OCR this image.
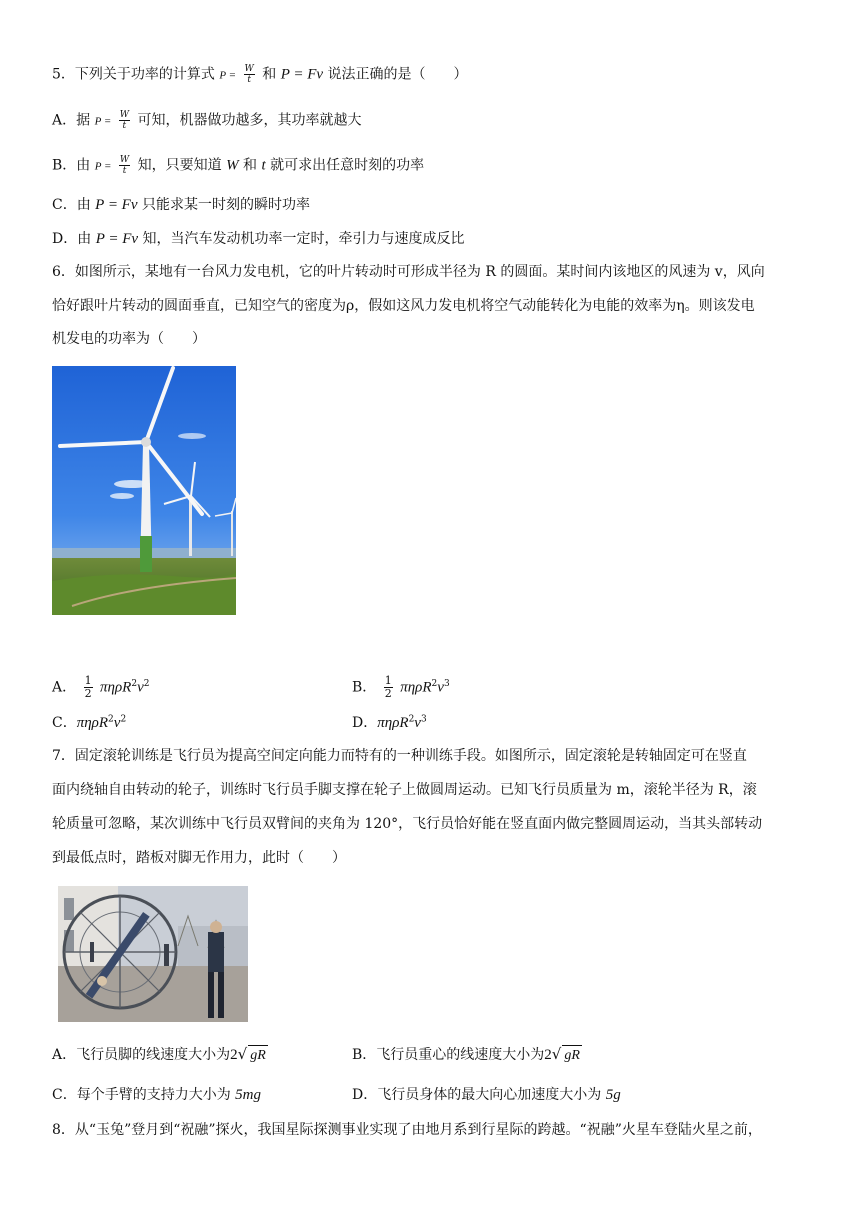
5．下列关于功率的计算式 $P = \frac{W}{t}$ 和 P = Fv 说法正确的是（　　）
A．据 $P = \frac{W}{t}$ 可知，机器做功越多，其功率就越大
B．由 $P = \frac{W}{t}$ 知，只要知道 W 和 t 就可求出任意时刻的功率
C．由 P = Fv 只能求某一时刻的瞬时功率
D．由 P = Fv 知，当汽车发动机功率一定时，牵引力与速度成反比
6．如图所示，某地有一台风力发电机，它的叶片转动时可形成半径为 R 的圆面。某时间内该地区的风速为 v，风向
恰好跟叶片转动的圆面垂直，已知空气的密度为ρ，假如这风力发电机将空气动能转化为电能的效率为η。则该发电
机发电的功率为（　　）
A． $\frac{1}{2} \pi\eta\rho R^2v^2$	B． $\frac{1}{2} \pi\eta\rho R^2v^3$
C．$\pi\eta\rho R^2v^2$	D．$\pi\eta\rho R^2v^3$
7．固定滚轮训练是飞行员为提高空间定向能力而特有的一种训练手段。如图所示，固定滚轮是转轴固定可在竖直
面内绕轴自由转动的轮子，训练时飞行员手脚支撑在轮子上做圆周运动。已知飞行员质量为 m，滚轮半径为 R，滚
轮质量可忽略，某次训练中飞行员双臂间的夹角为 120°，飞行员恰好能在竖直面内做完整圆周运动，当其头部转动
到最低点时，踏板对脚无作用力，此时（　　）
A．飞行员脚的线速度大小为2√ gR	B．飞行员重心的线速度大小为2√ gR
C．每个手臂的支持力大小为 5mg	D．飞行员身体的最大向心加速度大小为 5g
8．从“玉兔”登月到“祝融”探火，我国星际探测事业实现了由地月系到行星际的跨越。“祝融”火星车登陆火星之前，
